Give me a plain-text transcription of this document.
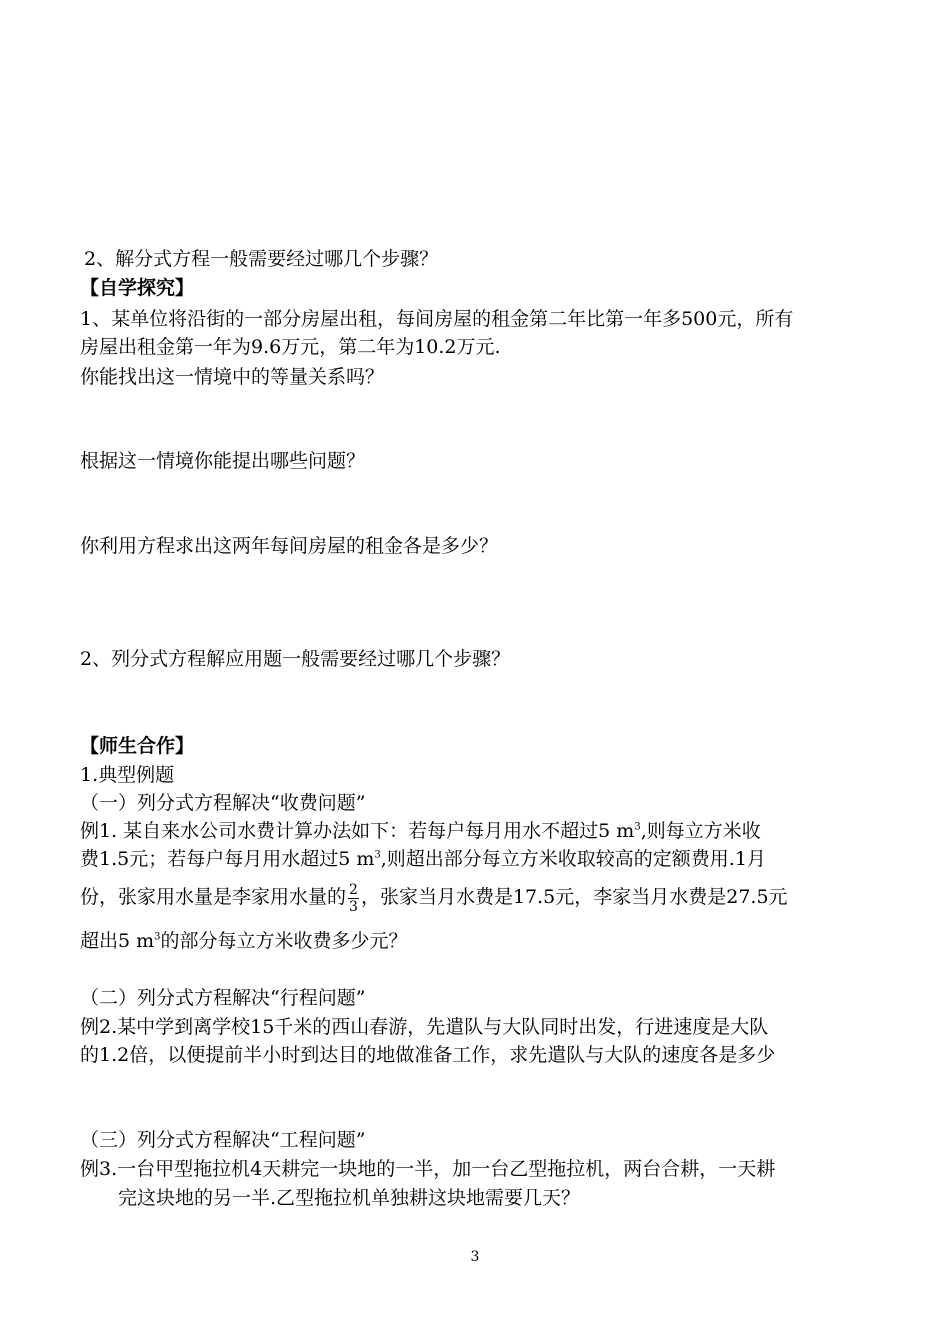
2、解分式方程一般需要经过哪几个步骤？
【自学探究】
1、某单位将沿街的一部分房屋出租，每间房屋的租金第二年比第一年多500元，所有
房屋出租金第一年为9.6万元，第二年为10.2万元.
你能找出这一情境中的等量关系吗？
根据这一情境你能提出哪些问题？
你利用方程求出这两年每间房屋的租金各是多少？
2、列分式方程解应用题一般需要经过哪几个步骤？
【师生合作】
1.典型例题
（一）列分式方程解决“收费问题”
例1. 某自来水公司水费计算办法如下：若每户每月用水不超过5 $m^3$,则每立方米收
费1.5元；若每户每月用水超过5 $m^3$,则超出部分每立方米收取较高的定额费用.1月
份，张家用水量是李家用水量的 $\frac{2}{3}$ ，张家当月水费是17.5元，李家当月水费是27.5元
超出5 $m^3$的部分每立方米收费多少元？
（二）列分式方程解决“行程问题”
例2.某中学到离学校15千米的西山春游，先遣队与大队同时出发，行进速度是大队
的1.2倍，以便提前半小时到达目的地做准备工作，求先遣队与大队的速度各是多少
（三）列分式方程解决“工程问题”
例3.一台甲型拖拉机4天耕完一块地的一半，加一台乙型拖拉机，两台合耕，一天耕
完这块地的另一半.乙型拖拉机单独耕这块地需要几天？
3
